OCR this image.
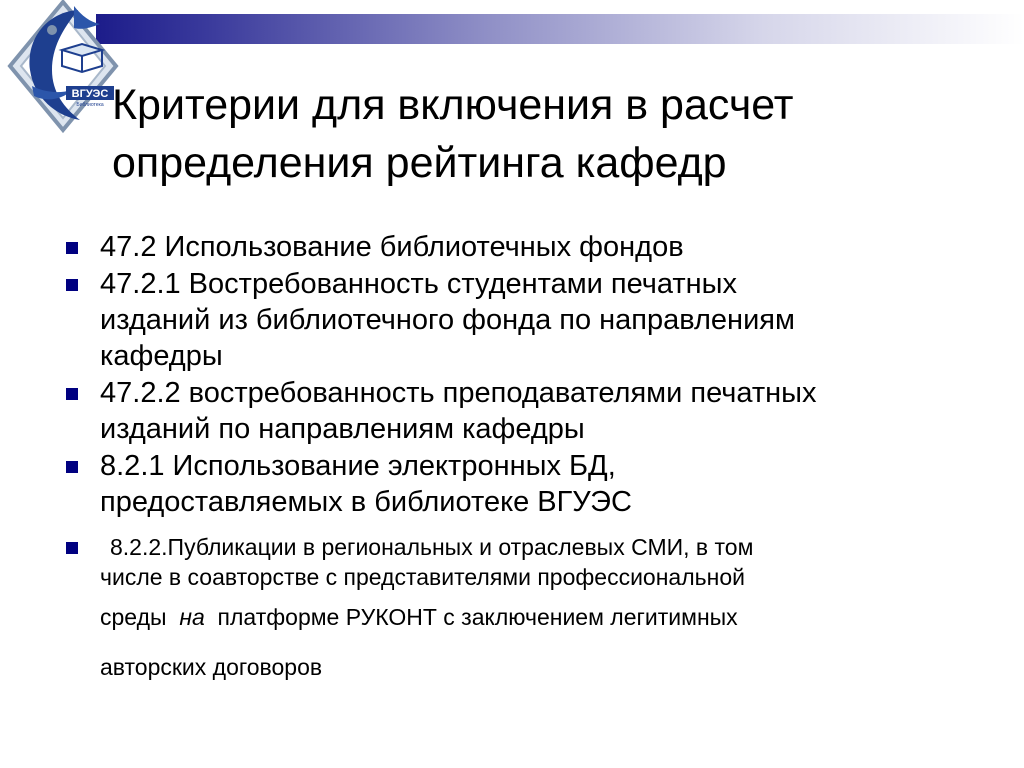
ВГУЭС
Библиотека Критерии для включения в расчет
определения рейтинга кафедр
47.2 Использование библиотечных фондов
47.2.1 Востребованность студентами печатных
изданий из библиотечного фонда по направлениям
кафедры
47.2.2 востребованность преподавателями печатных
изданий по направлениям кафедры
8.2.1 Использование электронных БД,
предоставляемых в библиотеке ВГУЭС
8.2.2.Публикации в региональных и отраслевых СМИ, в том
числе в соавторстве с представителями профессиональной
среды на платформе РУКОНТ с заключением легитимных
авторских договоров
